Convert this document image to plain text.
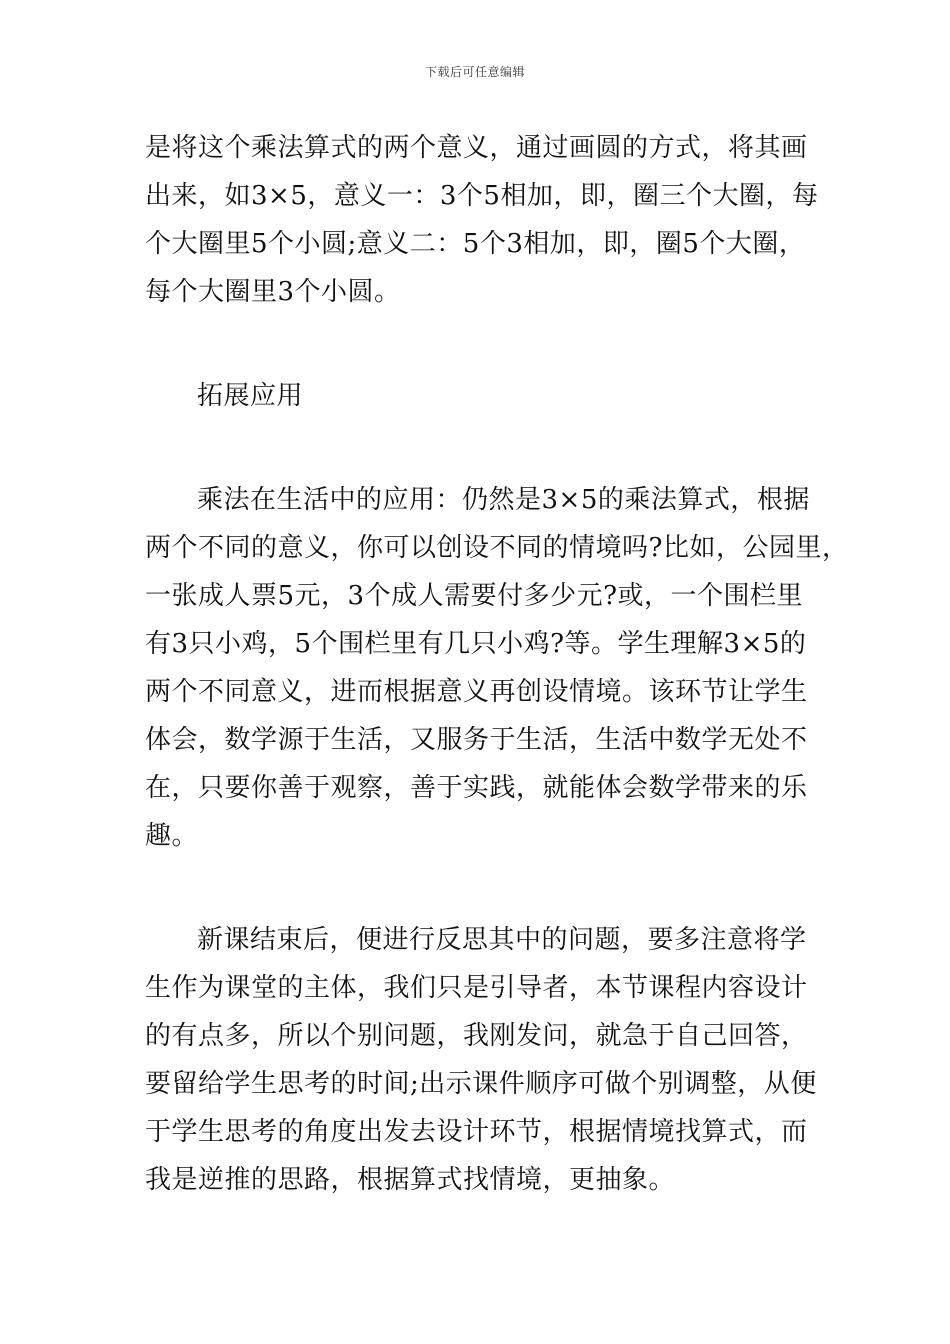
下载后可任意编辑

是将这个乘法算式的两个意义，通过画圆的方式，将其画
出来，如3×5，意义一：3个5相加，即，圈三个大圈，每
个大圈里5个小圆;意义二：5个3相加，即，圈5个大圈，
每个大圈里3个小圆。

拓展应用

乘法在生活中的应用：仍然是3×5的乘法算式，根据
两个不同的意义，你可以创设不同的情境吗?比如，公园里，
一张成人票5元，3个成人需要付多少元?或，一个围栏里
有3只小鸡，5个围栏里有几只小鸡?等。学生理解3×5的
两个不同意义，进而根据意义再创设情境。该环节让学生
体会，数学源于生活，又服务于生活，生活中数学无处不
在，只要你善于观察，善于实践，就能体会数学带来的乐
趣。

新课结束后，便进行反思其中的问题，要多注意将学
生作为课堂的主体，我们只是引导者，本节课程内容设计
的有点多，所以个别问题，我刚发问，就急于自己回答，
要留给学生思考的时间;出示课件顺序可做个别调整，从便
于学生思考的角度出发去设计环节，根据情境找算式，而
我是逆推的思路，根据算式找情境，更抽象。
